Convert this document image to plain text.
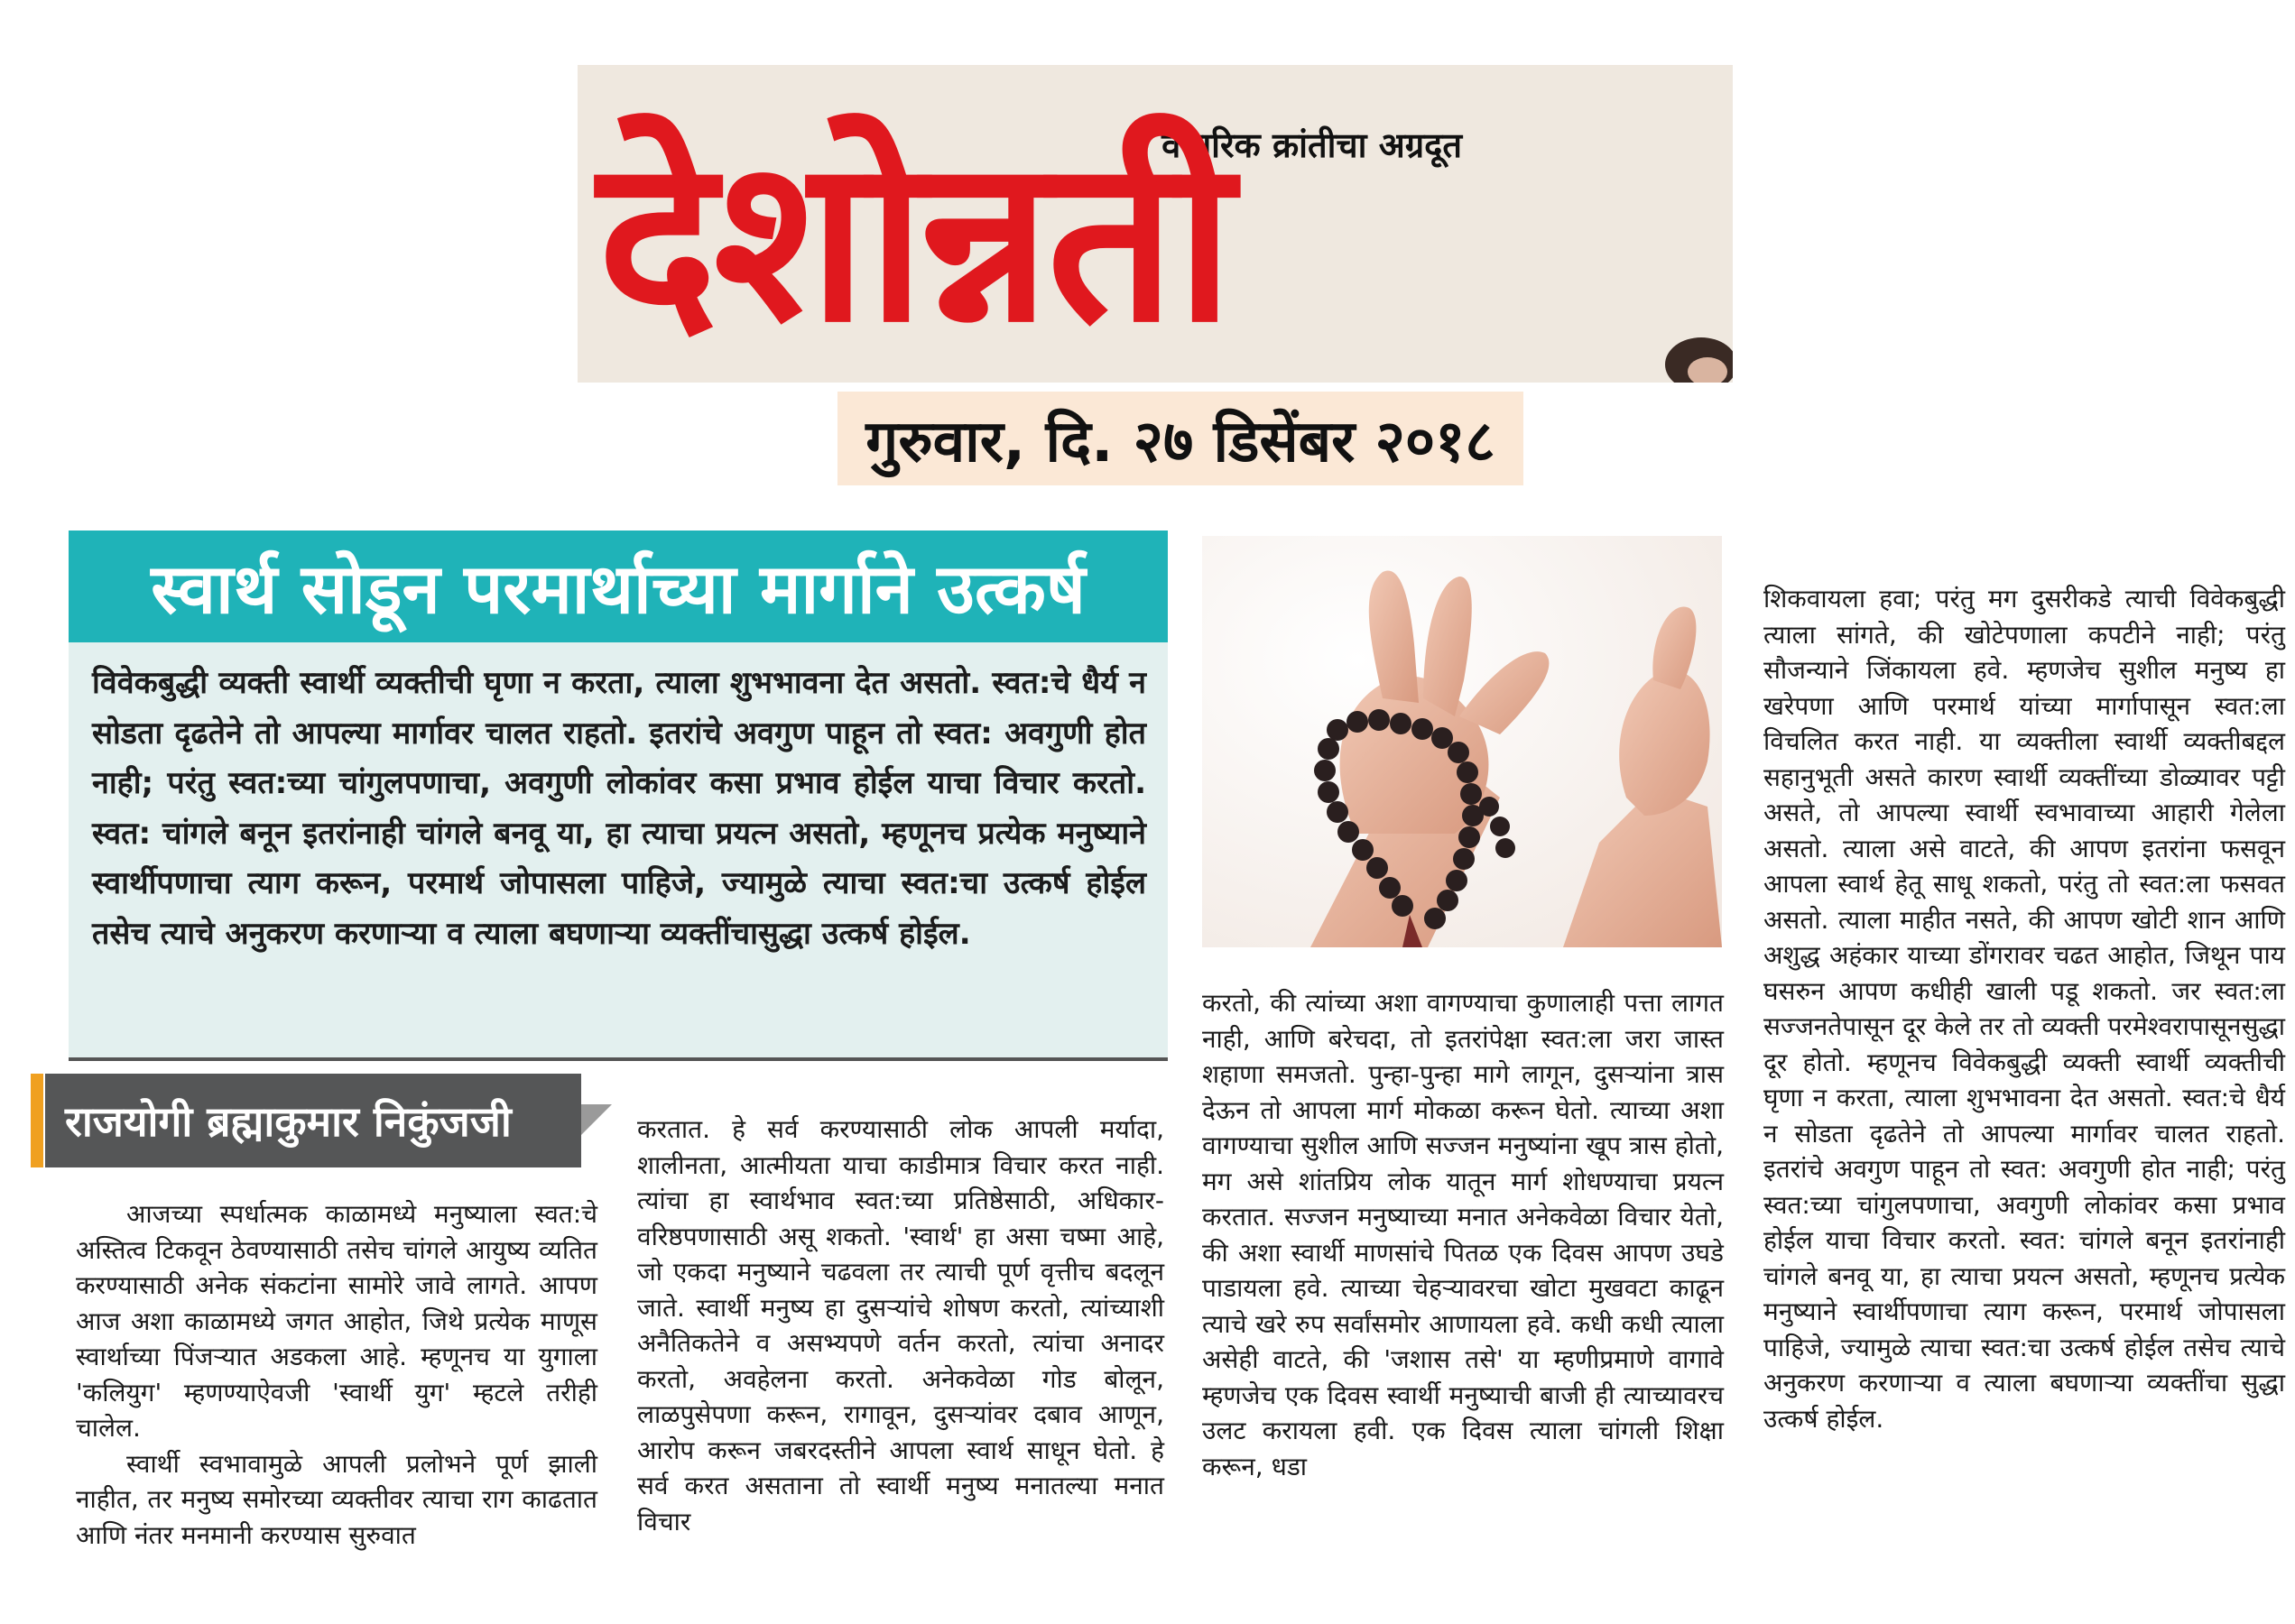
वैचारिक क्रांतीचा अग्रदूत
देशोन्नती
गुरुवार, दि. २७ डिसेंबर २०१८
स्वार्थ सोडून परमार्थाच्या मार्गाने उत्कर्ष

विवेकबुद्धी व्यक्ती स्वार्थी व्यक्तीची घृणा न करता, त्याला शुभभावना देत असतो. स्वत:चे धैर्य न सोडता दृढतेने तो आपल्या मार्गावर चालत राहतो. इतरांचे अवगुण पाहून तो स्वत: अवगुणी होत नाही; परंतु स्वत:च्या चांगुलपणाचा, अवगुणी लोकांवर कसा प्रभाव होईल याचा विचार करतो. स्वत: चांगले बनून इतरांनाही चांगले बनवू या, हा त्याचा प्रयत्न असतो, म्हणूनच प्रत्येक मनुष्याने स्वार्थीपणाचा त्याग करून, परमार्थ जोपासला पाहिजे, ज्यामुळे त्याचा स्वत:चा उत्कर्ष होईल तसेच त्याचे अनुकरण करणाऱ्या व त्याला बघणाऱ्या व्यक्तींचासुद्धा उत्कर्ष होईल.

राजयोगी ब्रह्माकुमार निकुंजजी

आजच्या स्पर्धात्मक काळामध्ये मनुष्याला स्वत:चे अस्तित्व टिकवून ठेवण्यासाठी तसेच चांगले आयुष्य व्यतित करण्यासाठी अनेक संकटांना सामोरे जावे लागते. आपण आज अशा काळामध्ये जगत आहोत, जिथे प्रत्येक माणूस स्वार्थाच्या पिंजऱ्यात अडकला आहे. म्हणूनच या युगाला 'कलियुग' म्हणण्याऐवजी 'स्वार्थी युग' म्हटले तरीही चालेल.

स्वार्थी स्वभावामुळे आपली प्रलोभने पूर्ण झाली नाहीत, तर मनुष्य समोरच्या व्यक्तीवर त्याचा राग काढतात आणि नंतर मनमानी करण्यास सुरुवात

करतात. हे सर्व करण्यासाठी लोक आपली मर्यादा, शालीनता, आत्मीयता याचा काडीमात्र विचार करत नाही. त्यांचा हा स्वार्थभाव स्वत:च्या प्रतिष्ठेसाठी, अधिकार-वरिष्ठपणासाठी असू शकतो. 'स्वार्थ' हा असा चष्मा आहे, जो एकदा मनुष्याने चढवला तर त्याची पूर्ण वृत्तीच बदलून जाते. स्वार्थी मनुष्य हा दुसऱ्यांचे शोषण करतो, त्यांच्याशी अनैतिकतेने व असभ्यपणे वर्तन करतो, त्यांचा अनादर करतो, अवहेलना करतो. अनेकवेळा गोड बोलून, लाळपुसेपणा करून, रागावून, दुसऱ्यांवर दबाव आणून, आरोप करून जबरदस्तीने आपला स्वार्थ साधून घेतो. हे सर्व करत असताना तो स्वार्थी मनुष्य मनातल्या मनात विचार

करतो, की त्यांच्या अशा वागण्याचा कुणालाही पत्ता लागत नाही, आणि बरेचदा, तो इतरांपेक्षा स्वत:ला जरा जास्त शहाणा समजतो. पुन्हा-पुन्हा मागे लागून, दुसऱ्यांना त्रास देऊन तो आपला मार्ग मोकळा करून घेतो. त्याच्या अशा वागण्याचा सुशील आणि सज्जन मनुष्यांना खूप त्रास होतो, मग असे शांतप्रिय लोक यातून मार्ग शोधण्याचा प्रयत्न करतात. सज्जन मनुष्याच्या मनात अनेकवेळा विचार येतो, की अशा स्वार्थी माणसांचे पितळ एक दिवस आपण उघडे पाडायला हवे. त्याच्या चेहऱ्यावरचा खोटा मुखवटा काढून त्याचे खरे रुप सर्वांसमोर आणायला हवे. कधी कधी त्याला असेही वाटते, की 'जशास तसे' या म्हणीप्रमाणे वागावे म्हणजेच एक दिवस स्वार्थी मनुष्याची बाजी ही त्याच्यावरच उलट करायला हवी. एक दिवस त्याला चांगली शिक्षा करून, धडा

शिकवायला हवा; परंतु मग दुसरीकडे त्याची विवेकबुद्धी त्याला सांगते, की खोटेपणाला कपटीने नाही; परंतु सौजन्याने जिंकायला हवे. म्हणजेच सुशील मनुष्य हा खरेपणा आणि परमार्थ यांच्या मार्गापासून स्वत:ला विचलित करत नाही. या व्यक्तीला स्वार्थी व्यक्तीबद्दल सहानुभूती असते कारण स्वार्थी व्यक्तींच्या डोळ्यावर पट्टी असते, तो आपल्या स्वार्थी स्वभावाच्या आहारी गेलेला असतो. त्याला असे वाटते, की आपण इतरांना फसवून आपला स्वार्थ हेतू साधू शकतो, परंतु तो स्वत:ला फसवत असतो. त्याला माहीत नसते, की आपण खोटी शान आणि अशुद्ध अहंकार याच्या डोंगरावर चढत आहोत, जिथून पाय घसरुन आपण कधीही खाली पडू शकतो. जर स्वत:ला सज्जनतेपासून दूर केले तर तो व्यक्ती परमेश्वरापासूनसुद्धा दूर होतो. म्हणूनच विवेकबुद्धी व्यक्ती स्वार्थी व्यक्तीची घृणा न करता, त्याला शुभभावना देत असतो. स्वत:चे धैर्य न सोडता दृढतेने तो आपल्या मार्गावर चालत राहतो. इतरांचे अवगुण पाहून तो स्वत: अवगुणी होत नाही; परंतु स्वत:च्या चांगुलपणाचा, अवगुणी लोकांवर कसा प्रभाव होईल याचा विचार करतो. स्वत: चांगले बनून इतरांनाही चांगले बनवू या, हा त्याचा प्रयत्न असतो, म्हणूनच प्रत्येक मनुष्याने स्वार्थीपणाचा त्याग करून, परमार्थ जोपासला पाहिजे, ज्यामुळे त्याचा स्वत:चा उत्कर्ष होईल तसेच त्याचे अनुकरण करणाऱ्या व त्याला बघणाऱ्या व्यक्तींचा सुद्धा उत्कर्ष होईल.
